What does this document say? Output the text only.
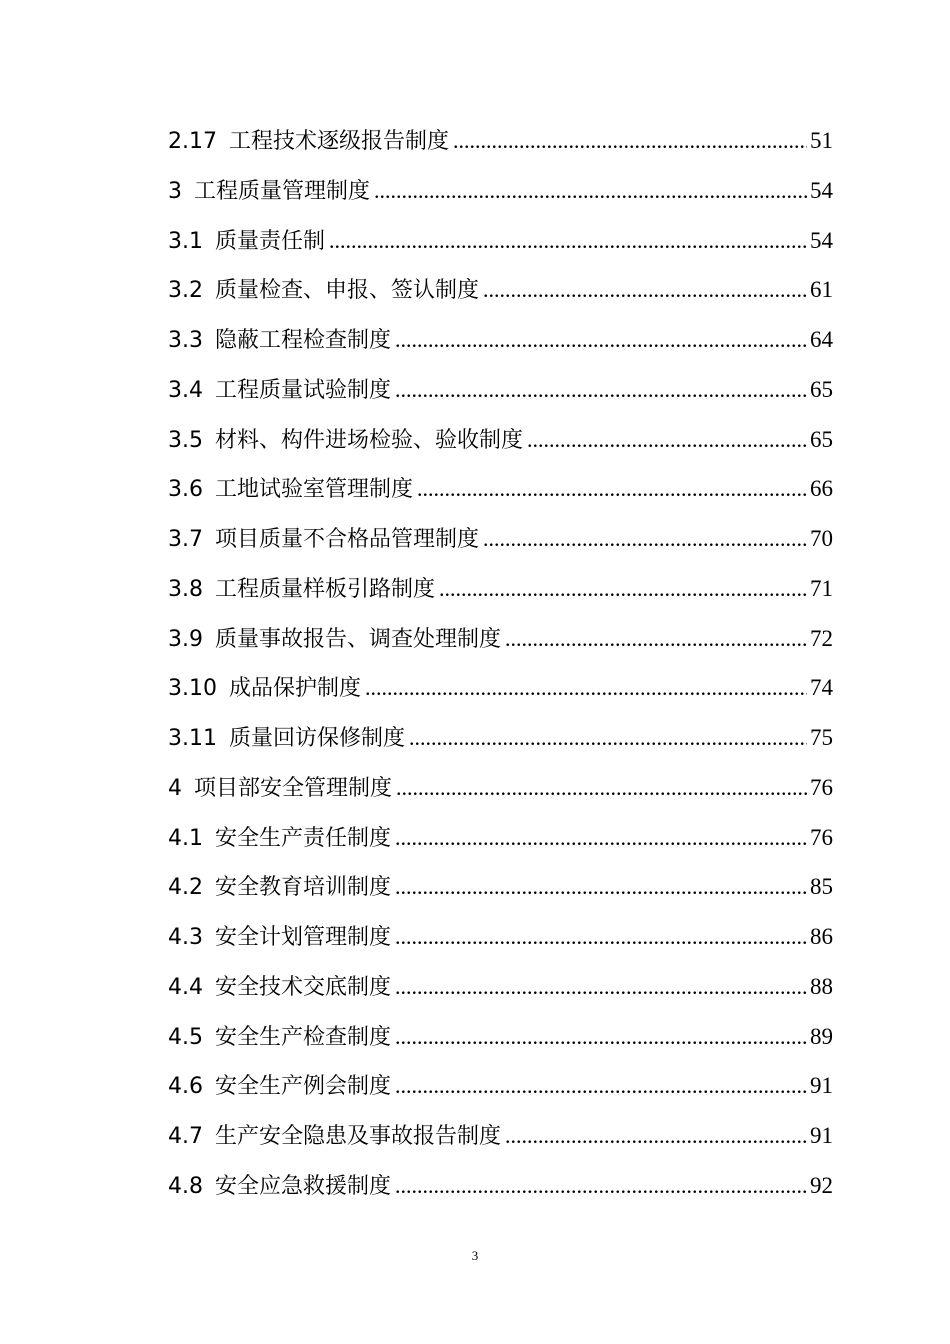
2.17 工程技术逐级报告制度 .....	51
3 工程质量管理制度 .....	54
3.1 质量责任制 .....	54
3.2 质量检查、申报、签认制度 .....	61
3.3 隐蔽工程检查制度 .....	64
3.4 工程质量试验制度 .....	65
3.5 材料、构件进场检验、验收制度 .....	65
3.6 工地试验室管理制度 .....	66
3.7 项目质量不合格品管理制度 .....	70
3.8 工程质量样板引路制度 .....	71
3.9 质量事故报告、调查处理制度 .....	72
3.10 成品保护制度 .....	74
3.11 质量回访保修制度 .....	75
4 项目部安全管理制度 .....	76
4.1 安全生产责任制度 .....	76
4.2 安全教育培训制度 .....	85
4.3 安全计划管理制度 .....	86
4.4 安全技术交底制度 .....	88
4.5 安全生产检查制度 .....	89
4.6 安全生产例会制度 .....	91
4.7 生产安全隐患及事故报告制度 .....	91
4.8 安全应急救援制度 .....	92
3
